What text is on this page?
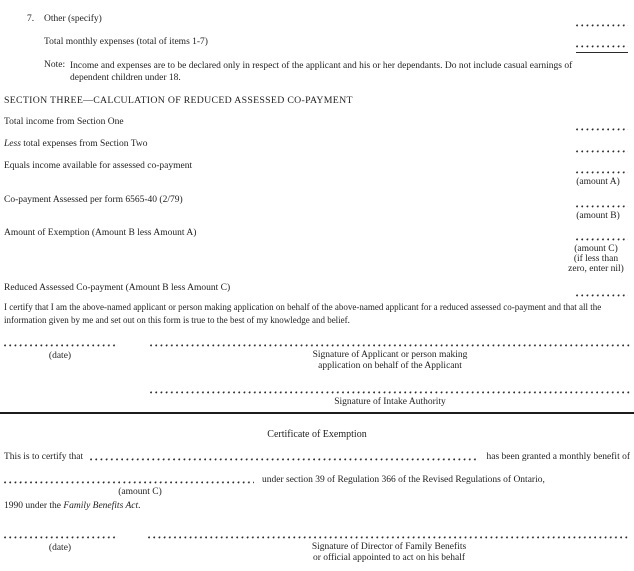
7. Other (specify)
Total monthly expenses (total of items 1-7)
Note: Income and expenses are to be declared only in respect of the applicant and his or her dependants. Do not include casual earnings of dependent children under 18.
SECTION THREE—CALCULATION OF REDUCED ASSESSED CO-PAYMENT
Total income from Section One
Less total expenses from Section Two
Equals income available for assessed co-payment
(amount A)
Co-payment Assessed per form 6565-40 (2/79)
(amount B)
Amount of Exemption (Amount B less Amount A)
(amount C)
(if less than
zero, enter nil)
Reduced Assessed Co-payment (Amount B less Amount C)
I certify that I am the above-named applicant or person making application on behalf of the above-named applicant for a reduced assessed co-payment and that all the information given by me and set out on this form is true to the best of my knowledge and belief.
(date)	Signature of Applicant or person making
application on behalf of the Applicant
Signature of Intake Authority
Certificate of Exemption
This is to certify that	has been granted a monthly benefit of
under section 39 of Regulation 366 of the Revised Regulations of Ontario,
(amount C)
1990 under the Family Benefits Act.
(date)	Signature of Director of Family Benefits
or official appointed to act on his behalf
